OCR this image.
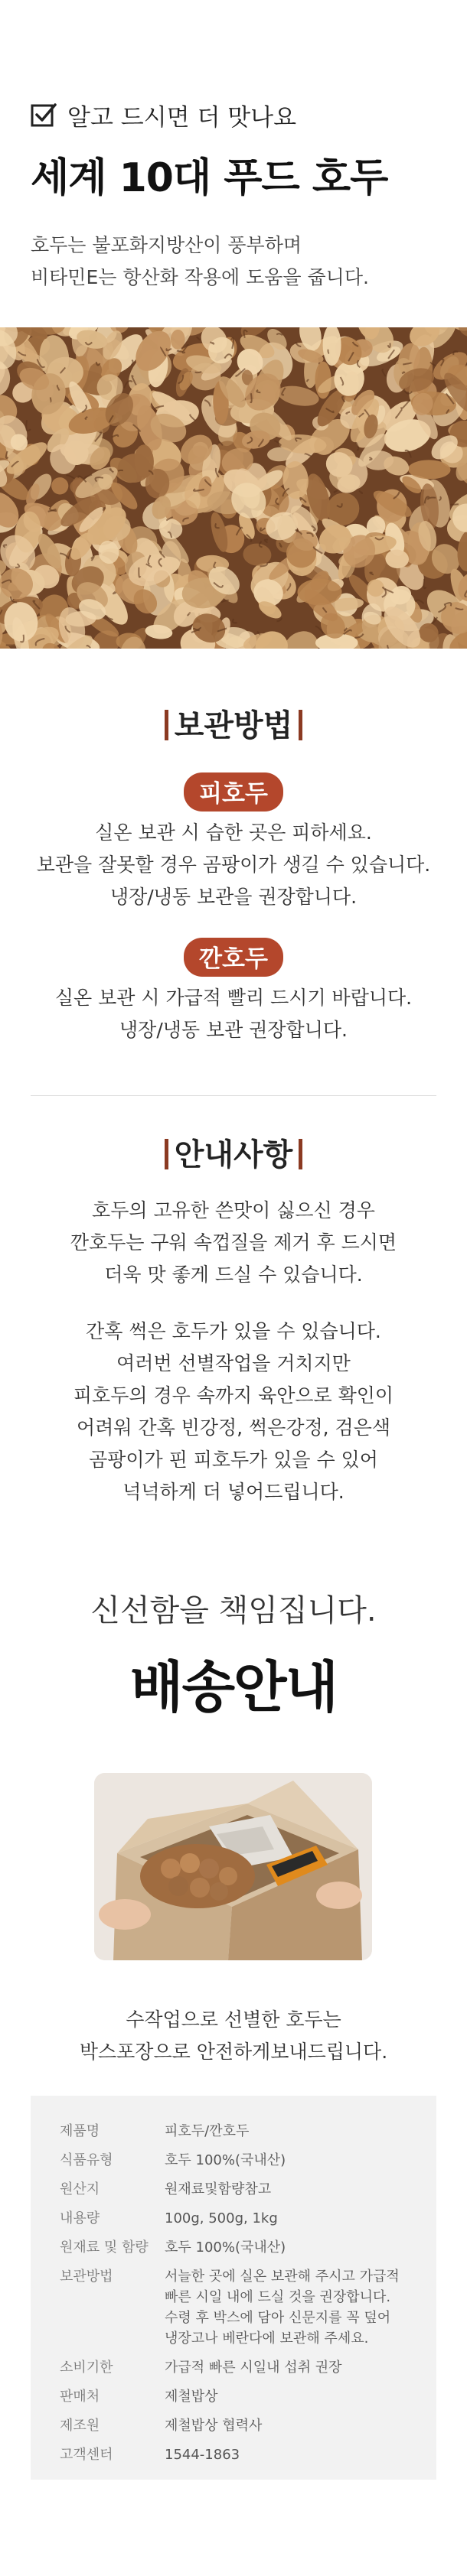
알고 드시면 더 맛나요
세계 10대 푸드 호두
호두는 불포화지방산이 풍부하며
비타민E는 항산화 작용에 도움을 줍니다.
보관방법
피호두
실온 보관 시 습한 곳은 피하세요.
보관을 잘못할 경우 곰팡이가 생길 수 있습니다.
냉장/냉동 보관을 권장합니다.
깐호두
실온 보관 시 가급적 빨리 드시기 바랍니다.
냉장/냉동 보관 권장합니다.
안내사항
호두의 고유한 쓴맛이 싫으신 경우
깐호두는 구워 속껍질을 제거 후 드시면
더욱 맛 좋게 드실 수 있습니다.
간혹 썩은 호두가 있을 수 있습니다.
여러번 선별작업을 거치지만
피호두의 경우 속까지 육안으로 확인이
어려워 간혹 빈강정, 썩은강정, 검은색
곰팡이가 핀 피호두가 있을 수 있어
넉넉하게 더 넣어드립니다.
신선함을 책임집니다.
배송안내
수작업으로 선별한 호두는
박스포장으로 안전하게보내드립니다.
제품명	피호두/깐호두
식품유형	호두 100%(국내산)
원산지	원재료및함량참고
내용량	100g, 500g, 1kg
원재료 및 함량	호두 100%(국내산)
보관방법	서늘한 곳에 실온 보관해 주시고 가급적
빠른 시일 내에 드실 것을 권장합니다.
수령 후 박스에 담아 신문지를 꼭 덮어
냉장고나 베란다에 보관해 주세요.
소비기한	가급적 빠른 시일내 섭취 권장
판매처	제철밥상
제조원	제철밥상 협력사
고객센터	1544-1863
